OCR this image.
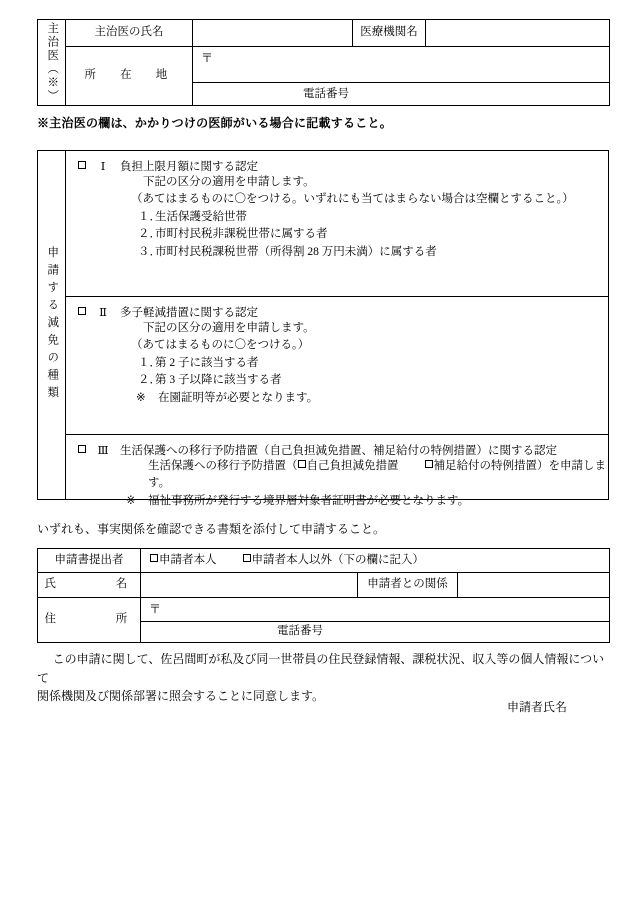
主治医（※）	主治医の氏名		医療機関名	
	所　在　地	〒		

		電話番号		
※主治医の欄は、かかりつけの医師がいる場合に記載すること。
申請する減免の種類
Ⅰ	負担上限月額に関する認定
下記の区分の適用を申請します。
（あてはまるものに〇をつける。いずれにも当てはまらない場合は空欄とすること。）
１．生活保護受給世帯
２．市町村民税非課税世帯に属する者
３．市町村民税課税世帯（所得割 28 万円未満）に属する者
Ⅱ	多子軽減措置に関する認定
下記の区分の適用を申請します。
（あてはまるものに〇をつける。）
１．第 2 子に該当する者
２．第 3 子以降に該当する者
※ 在園証明等が必要となります。
Ⅲ 生活保護への移行予防措置（自己負担減免措置、補足給付の特例措置）に関する認定
生活保護への移行予防措置（ 自己負担減免措置	補足給付の特例措置）を申請します。
※ 福祉事務所が発行する境界層対象者証明書が必要となります。
いずれも、事実関係を確認できる書類を添付して申請すること。
申請書提出者	申請者本人 申請者本人以外（下の欄に記入）		

氏　　　名		申請者との関係	
住　　　所	〒		

	電話番号		
この申請に関して、佐呂間町が私及び同一世帯員の住民登録情報、課税状況、収入等の個人情報について
関係機関及び関係部署に照会することに同意します。
申請者氏名
